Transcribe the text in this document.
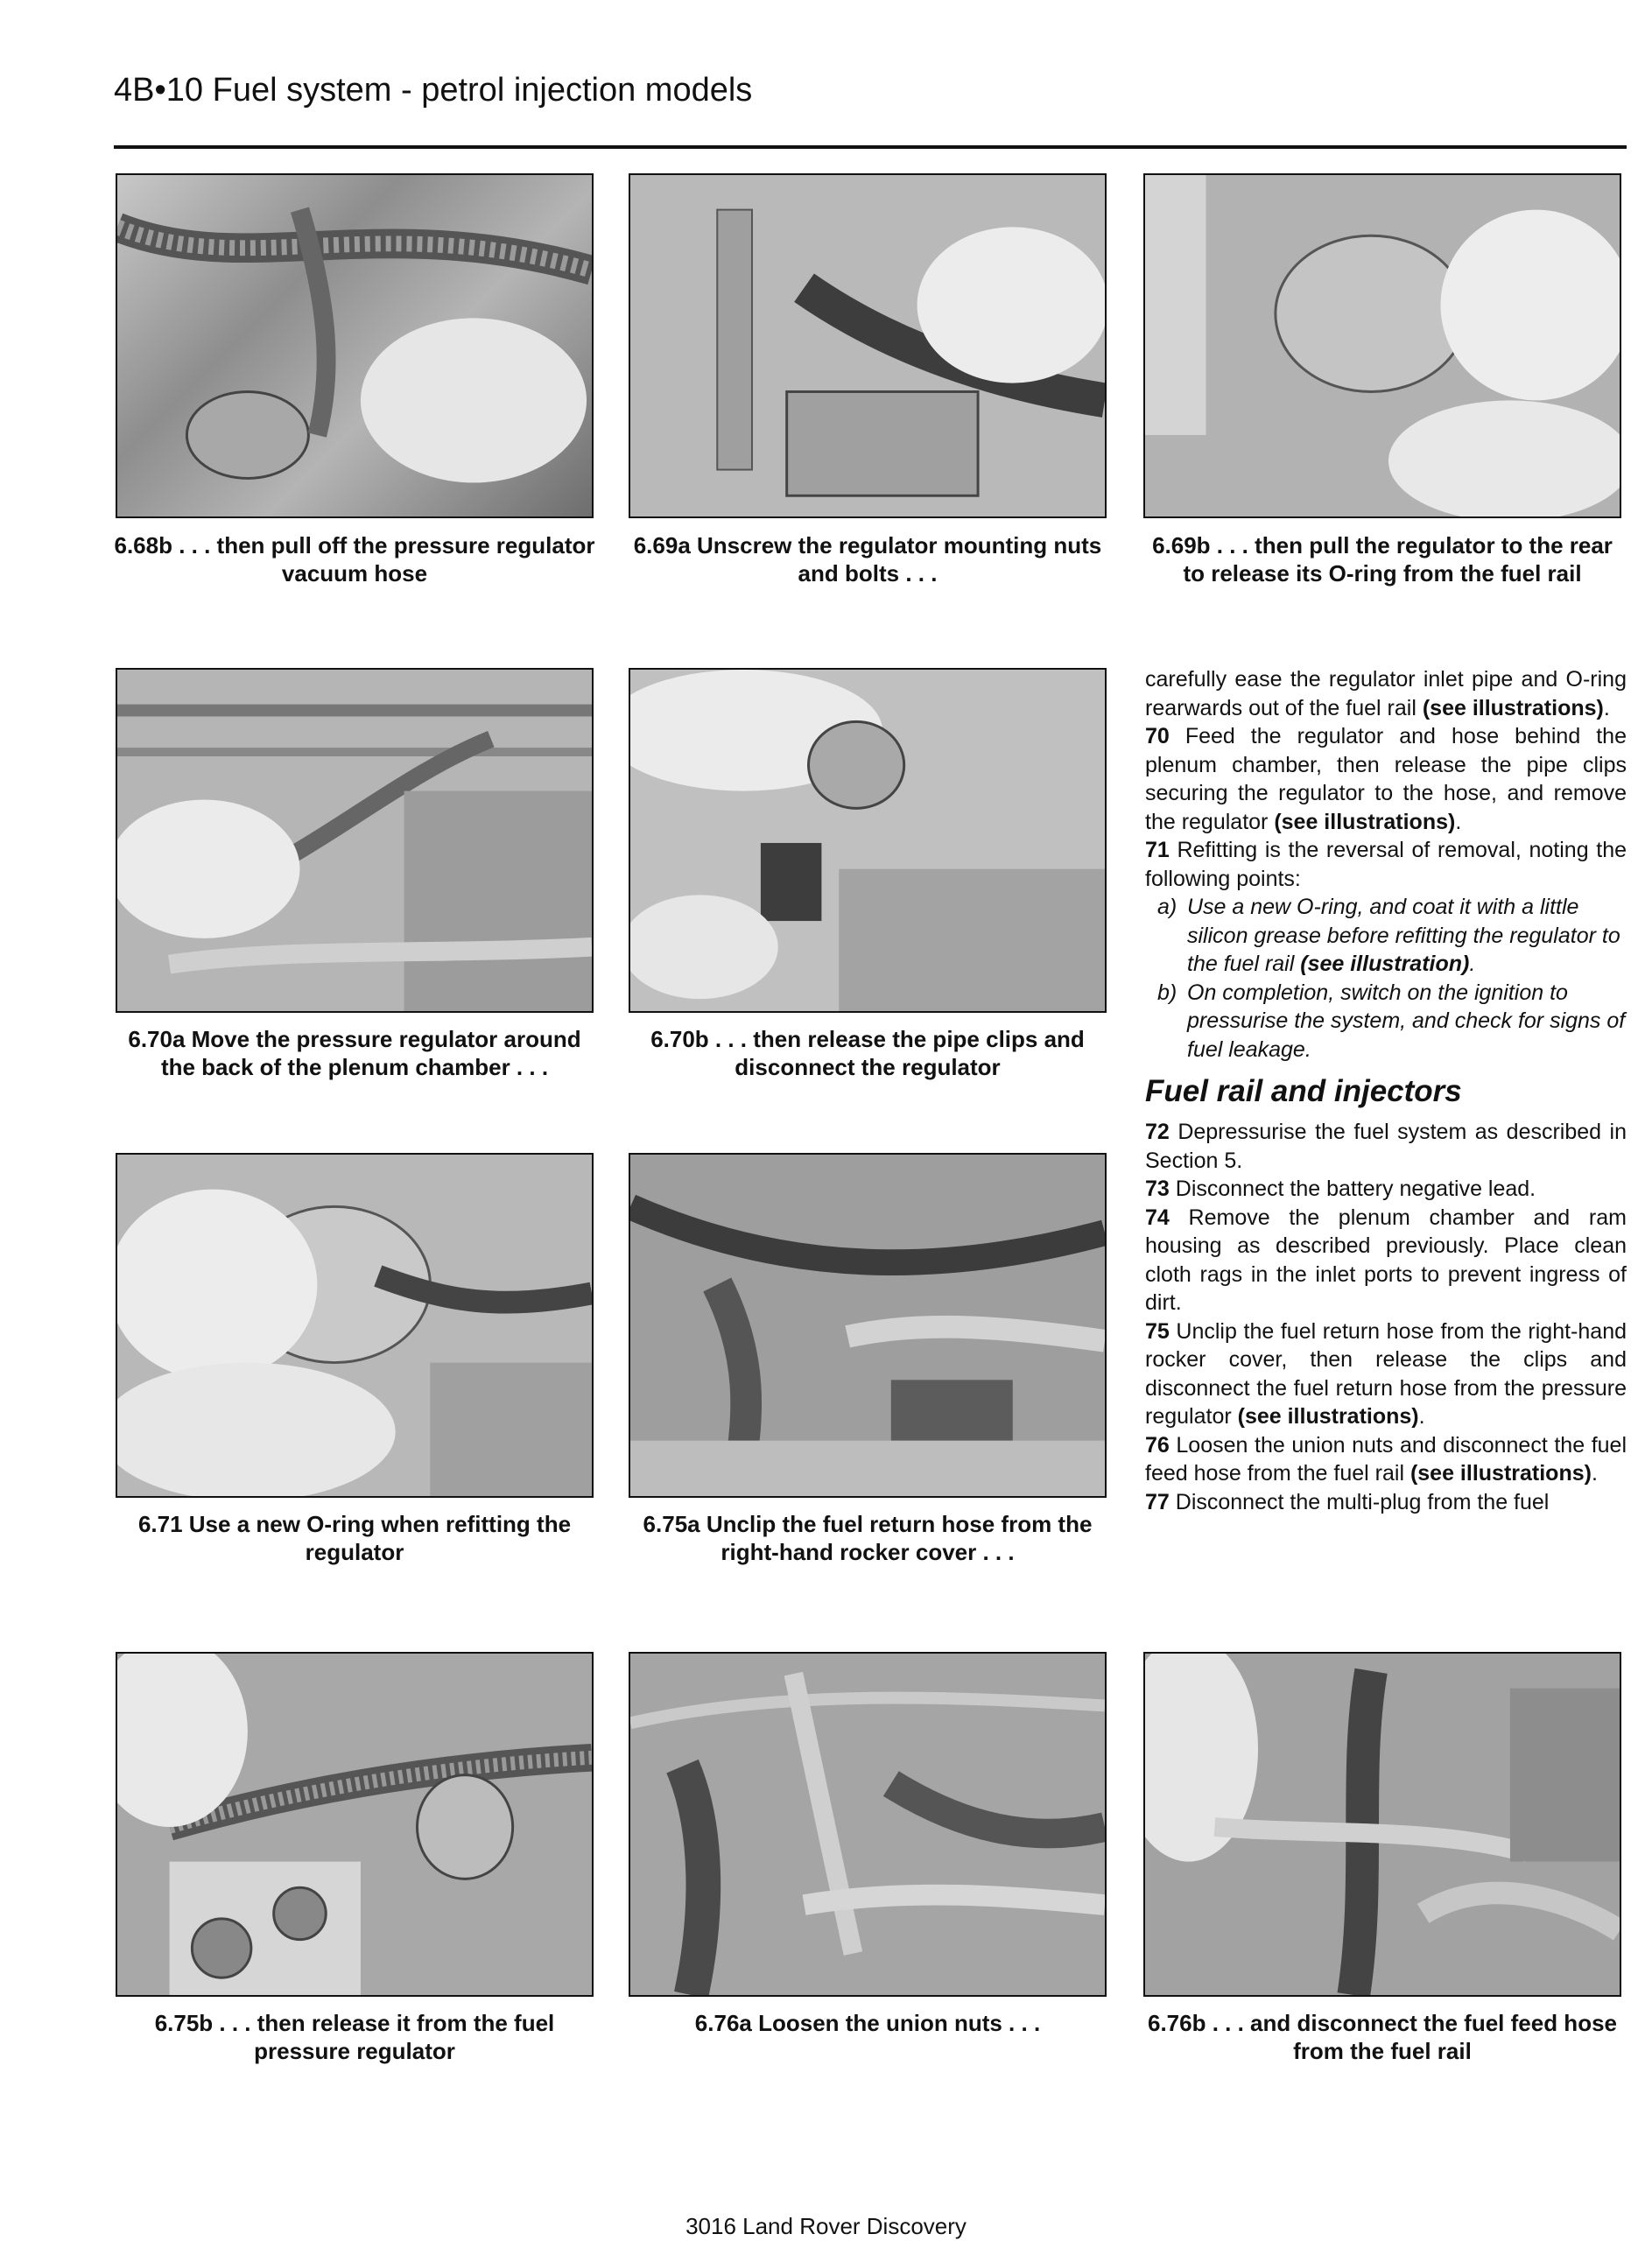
4B•10 Fuel system - petrol injection models
6.68b . . . then pull off the pressure regulator vacuum hose
6.69a Unscrew the regulator mounting nuts and bolts . . .
6.69b . . . then pull the regulator to the rear to release its O-ring from the fuel rail
6.70a Move the pressure regulator around the back of the plenum chamber . . .
6.70b . . . then release the pipe clips and disconnect the regulator
6.71 Use a new O-ring when refitting the regulator
6.75a Unclip the fuel return hose from the right-hand rocker cover . . .
6.75b . . . then release it from the fuel pressure regulator
6.76a Loosen the union nuts . . .	6.76b . . . and disconnect the fuel feed hose from the fuel rail

carefully ease the regulator inlet pipe and O-ring rearwards out of the fuel rail (see illustrations).

70 Feed the regulator and hose behind the plenum chamber, then release the pipe clips securing the regulator to the hose, and remove the regulator (see illustrations).

71 Refitting is the reversal of removal, noting the following points:

a) Use a new O-ring, and coat it with a little silicon grease before refitting the regulator to the fuel rail (see illustration).
b) On completion, switch on the ignition to pressurise the system, and check for signs of fuel leakage.
Fuel rail and injectors

72 Depressurise the fuel system as described in Section 5.

73 Disconnect the battery negative lead.

74 Remove the plenum chamber and ram housing as described previously. Place clean cloth rags in the inlet ports to prevent ingress of dirt.

75 Unclip the fuel return hose from the right-hand rocker cover, then release the clips and disconnect the fuel return hose from the pressure regulator (see illustrations).

76 Loosen the union nuts and disconnect the fuel feed hose from the fuel rail (see illustrations).

77 Disconnect the multi-plug from the fuel

3016 Land Rover Discovery
